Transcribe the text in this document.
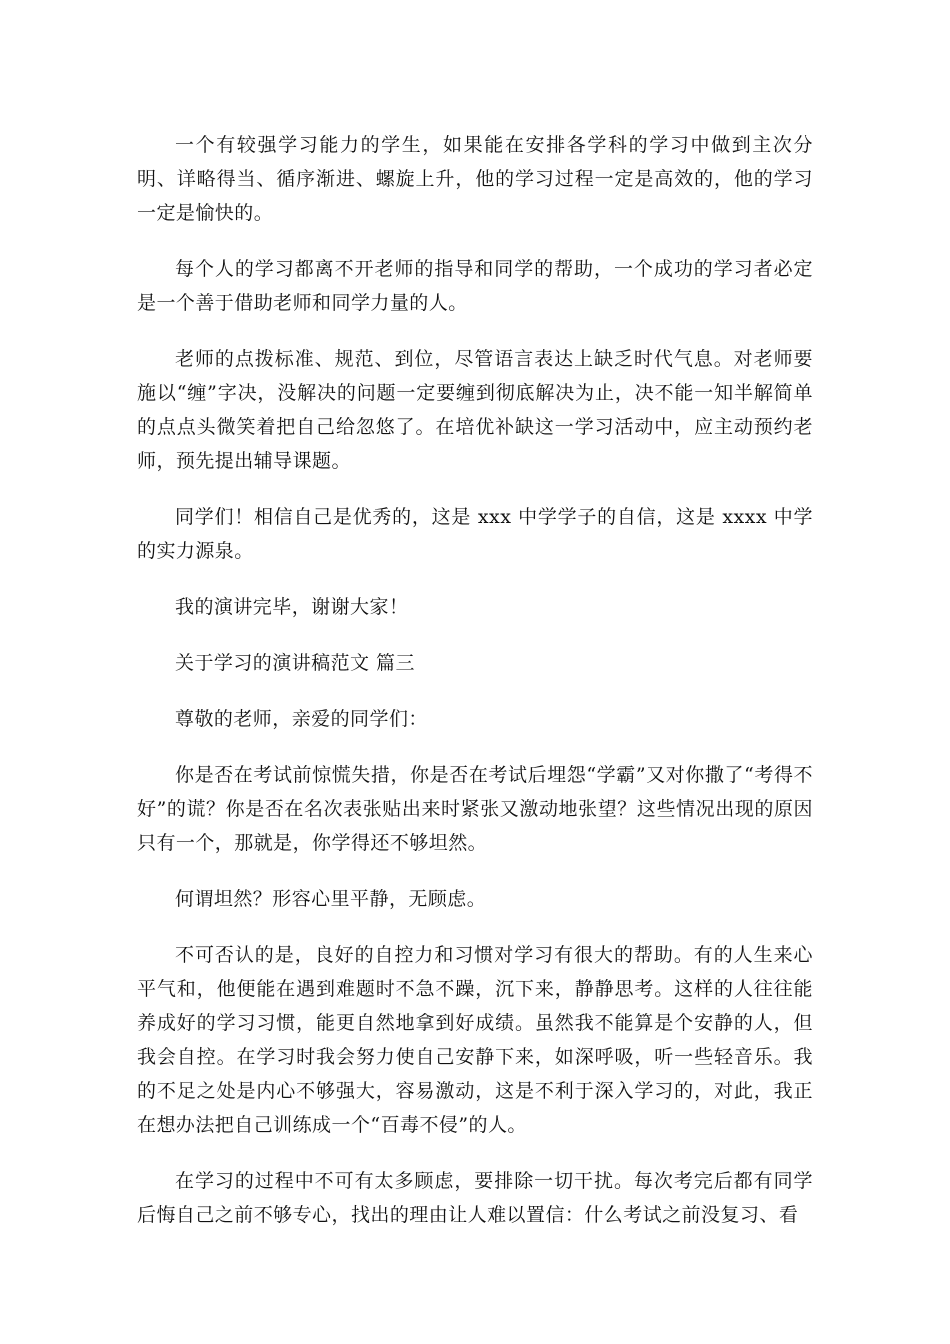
一个有较强学习能力的学生，如果能在安排各学科的学习中做到主次分明、详略得当、循序渐进、螺旋上升，他的学习过程一定是高效的，他的学习一定是愉快的。

每个人的学习都离不开老师的指导和同学的帮助，一个成功的学习者必定是一个善于借助老师和同学力量的人。

老师的点拨标准、规范、到位，尽管语言表达上缺乏时代气息。对老师要施以“缠”字决，没解决的问题一定要缠到彻底解决为止，决不能一知半解简单的点点头微笑着把自己给忽悠了。在培优补缺这一学习活动中，应主动预约老师，预先提出辅导课题。

同学们！相信自己是优秀的，这是 xxx 中学学子的自信，这是 xxxx 中学的实力源泉。

我的演讲完毕，谢谢大家！

关于学习的演讲稿范文 篇三

尊敬的老师，亲爱的同学们：

你是否在考试前惊慌失措，你是否在考试后埋怨“学霸”又对你撒了“考得不好”的谎？你是否在名次表张贴出来时紧张又激动地张望？这些情况出现的原因只有一个，那就是，你学得还不够坦然。

何谓坦然？形容心里平静，无顾虑。

不可否认的是，良好的自控力和习惯对学习有很大的帮助。有的人生来心平气和，他便能在遇到难题时不急不躁，沉下来，静静思考。这样的人往往能养成好的学习习惯，能更自然地拿到好成绩。虽然我不能算是个安静的人，但我会自控。在学习时我会努力使自己安静下来，如深呼吸，听一些轻音乐。我的不足之处是内心不够强大，容易激动，这是不利于深入学习的，对此，我正在想办法把自己训练成一个“百毒不侵”的人。

在学习的过程中不可有太多顾虑，要排除一切干扰。每次考完后都有同学后悔自己之前不够专心，找出的理由让人难以置信：什么考试之前没复习、看
